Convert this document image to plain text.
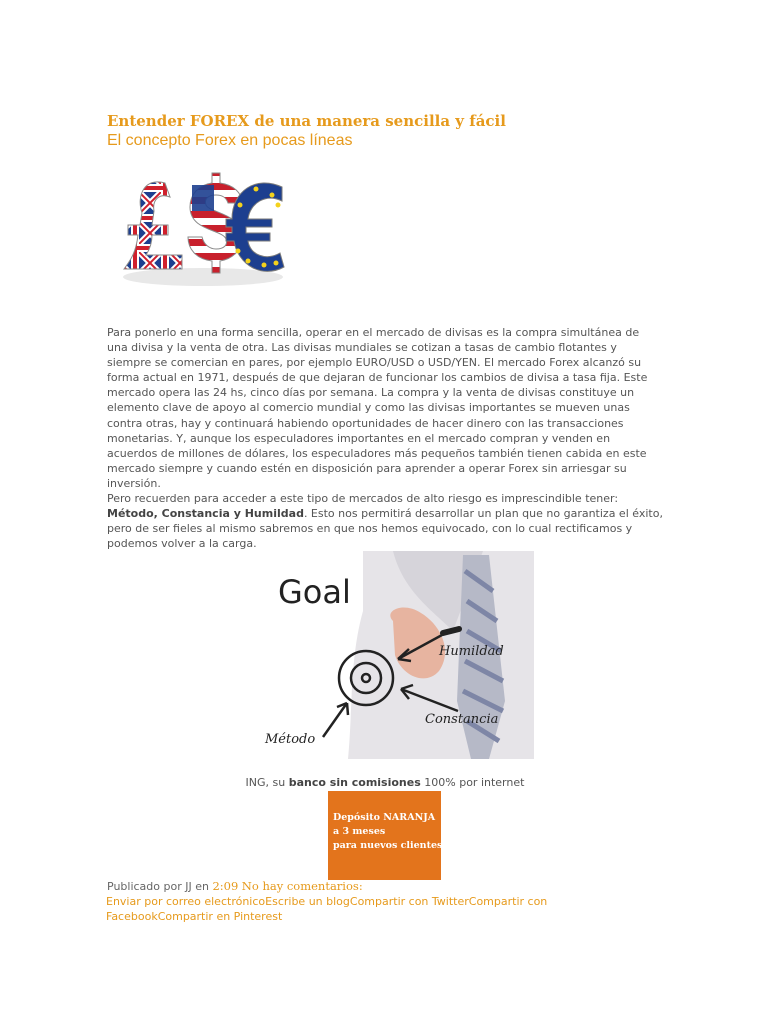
Entender FOREX de una manera sencilla y fácil
El concepto Forex en pocas líneas

Para ponerlo en una forma sencilla, operar en el mercado de divisas es la compra simultánea de una divisa y la venta de otra. Las divisas mundiales se cotizan a tasas de cambio flotantes y siempre se comercian en pares, por ejemplo EURO/USD o USD/YEN. El mercado Forex alcanzó su forma actual en 1971, después de que dejaran de funcionar los cambios de divisa a tasa fija. Este mercado opera las 24 hs, cinco días por semana. La compra y la venta de divisas constituye un elemento clave de apoyo al comercio mundial y como las divisas importantes se mueven unas contra otras, hay y continuará habiendo oportunidades de hacer dinero con las transacciones monetarias. Y, aunque los especuladores importantes en el mercado compran y venden en acuerdos de millones de dólares, los especuladores más pequeños también tienen cabida en este mercado siempre y cuando estén en disposición para aprender a operar Forex sin arriesgar su inversión.

Pero recuerden para acceder a este tipo de mercados de alto riesgo es imprescindible tener: Método, Constancia y Humildad. Esto nos permitirá desarrollar un plan que no garantiza el éxito, pero de ser fieles al mismo sabremos en que nos hemos equivocado, con lo cual rectificamos y podemos volver a la carga.

Goal
Humildad
Constancia
Método
ING, su banco sin comisiones 100% por internet
Depósito NARANJA
a 3 meses
para nuevos clientes.
Publicado por JJ en 2:09 No hay comentarios:
Enviar por correo electrónicoEscribe un blogCompartir con TwitterCompartir con FacebookCompartir en Pinterest
